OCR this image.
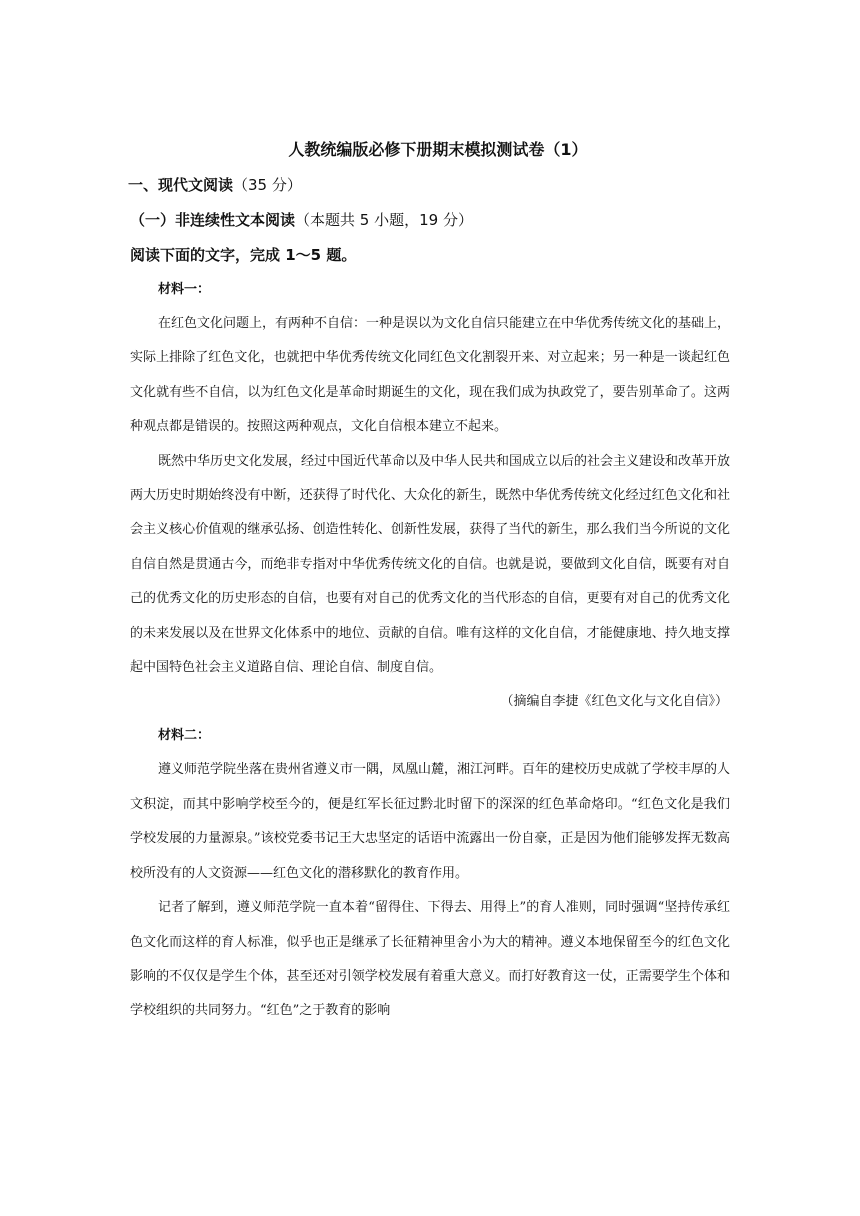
人教统编版必修下册期末模拟测试卷（1）
一、现代文阅读（35 分）
（一）非连续性文本阅读（本题共 5 小题，19 分）
阅读下面的文字，完成 1～5 题。
材料一：

在红色文化问题上，有两种不自信：一种是误以为文化自信只能建立在中华优秀传统文化的基础上，实际上排除了红色文化，也就把中华优秀传统文化同红色文化割裂开来、对立起来；另一种是一谈起红色文化就有些不自信，以为红色文化是革命时期诞生的文化，现在我们成为执政党了，要告别革命了。这两种观点都是错误的。按照这两种观点，文化自信根本建立不起来。

既然中华历史文化发展，经过中国近代革命以及中华人民共和国成立以后的社会主义建设和改革开放两大历史时期始终没有中断，还获得了时代化、大众化的新生，既然中华优秀传统文化经过红色文化和社会主义核心价值观的继承弘扬、创造性转化、创新性发展，获得了当代的新生，那么我们当今所说的文化自信自然是贯通古今，而绝非专指对中华优秀传统文化的自信。也就是说，要做到文化自信，既要有对自己的优秀文化的历史形态的自信，也要有对自己的优秀文化的当代形态的自信，更要有对自己的优秀文化的未来发展以及在世界文化体系中的地位、贡献的自信。唯有这样的文化自信，才能健康地、持久地支撑起中国特色社会主义道路自信、理论自信、制度自信。

（摘编自李捷《红色文化与文化自信》）
材料二：

遵义师范学院坐落在贵州省遵义市一隅，凤凰山麓，湘江河畔。百年的建校历史成就了学校丰厚的人文积淀，而其中影响学校至今的，便是红军长征过黔北时留下的深深的红色革命烙印。“红色文化是我们学校发展的力量源泉。”该校党委书记王大忠坚定的话语中流露出一份自豪，正是因为他们能够发挥无数高校所没有的人文资源——红色文化的潜移默化的教育作用。

记者了解到，遵义师范学院一直本着“留得住、下得去、用得上”的育人准则，同时强调“坚持传承红色文化而这样的育人标准，似乎也正是继承了长征精神里舍小为大的精神。遵义本地保留至今的红色文化影响的不仅仅是学生个体，甚至还对引领学校发展有着重大意义。而打好教育这一仗，正需要学生个体和学校组织的共同努力。“红色”之于教育的影响
